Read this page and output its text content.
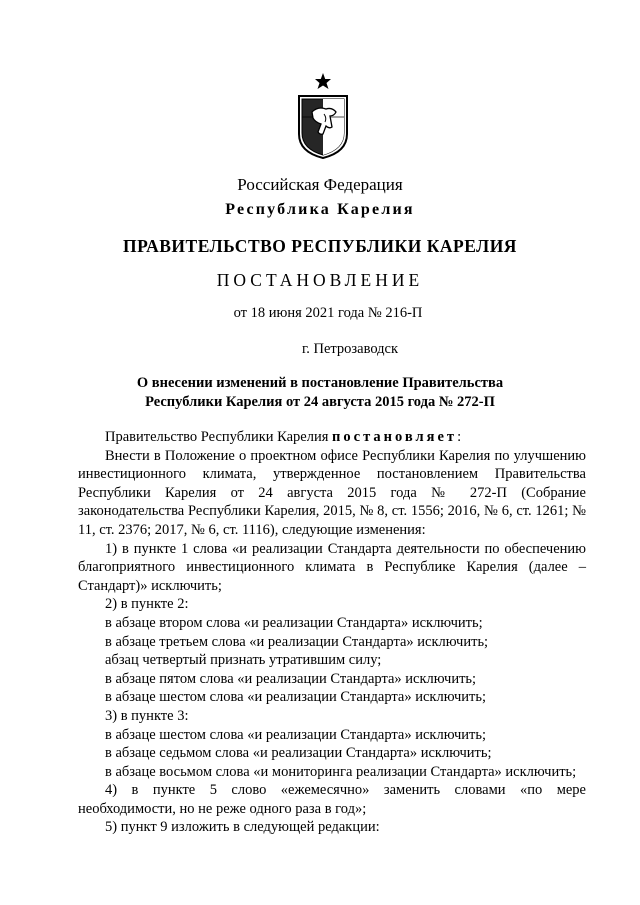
Российская Федерация
Республика Карелия
ПРАВИТЕЛЬСТВО РЕСПУБЛИКИ КАРЕЛИЯ
ПОСТАНОВЛЕНИЕ
от 18 июня 2021 года № 216-П
г. Петрозаводск
О внесении изменений в постановление Правительства
Республики Карелия от 24 августа 2015 года № 272-П

Правительство Республики Карелия постановляет:

Внести в Положение о проектном офисе Республики Карелия по улучшению инвестиционного климата, утвержденное постановлением Правительства Республики Карелия от 24 августа 2015 года № 272-П (Собрание законодательства Республики Карелия, 2015, № 8, ст. 1556; 2016, № 6, ст. 1261; № 11, ст. 2376; 2017, № 6, ст. 1116), следующие изменения:

1) в пункте 1 слова «и реализации Стандарта деятельности по обеспечению благоприятного инвестиционного климата в Республике Карелия (далее – Стандарт)» исключить;

2) в пункте 2:

в абзаце втором слова «и реализации Стандарта» исключить;

в абзаце третьем слова «и реализации Стандарта» исключить;

абзац четвертый признать утратившим силу;

в абзаце пятом слова «и реализации Стандарта» исключить;

в абзаце шестом слова «и реализации Стандарта» исключить;

3) в пункте 3:

в абзаце шестом слова «и реализации Стандарта» исключить;

в абзаце седьмом слова «и реализации Стандарта» исключить;

в абзаце восьмом слова «и мониторинга реализации Стандарта» исключить;

4) в пункте 5 слово «ежемесячно» заменить словами «по мере необходимости, но не реже одного раза в год»;

5) пункт 9 изложить в следующей редакции:
